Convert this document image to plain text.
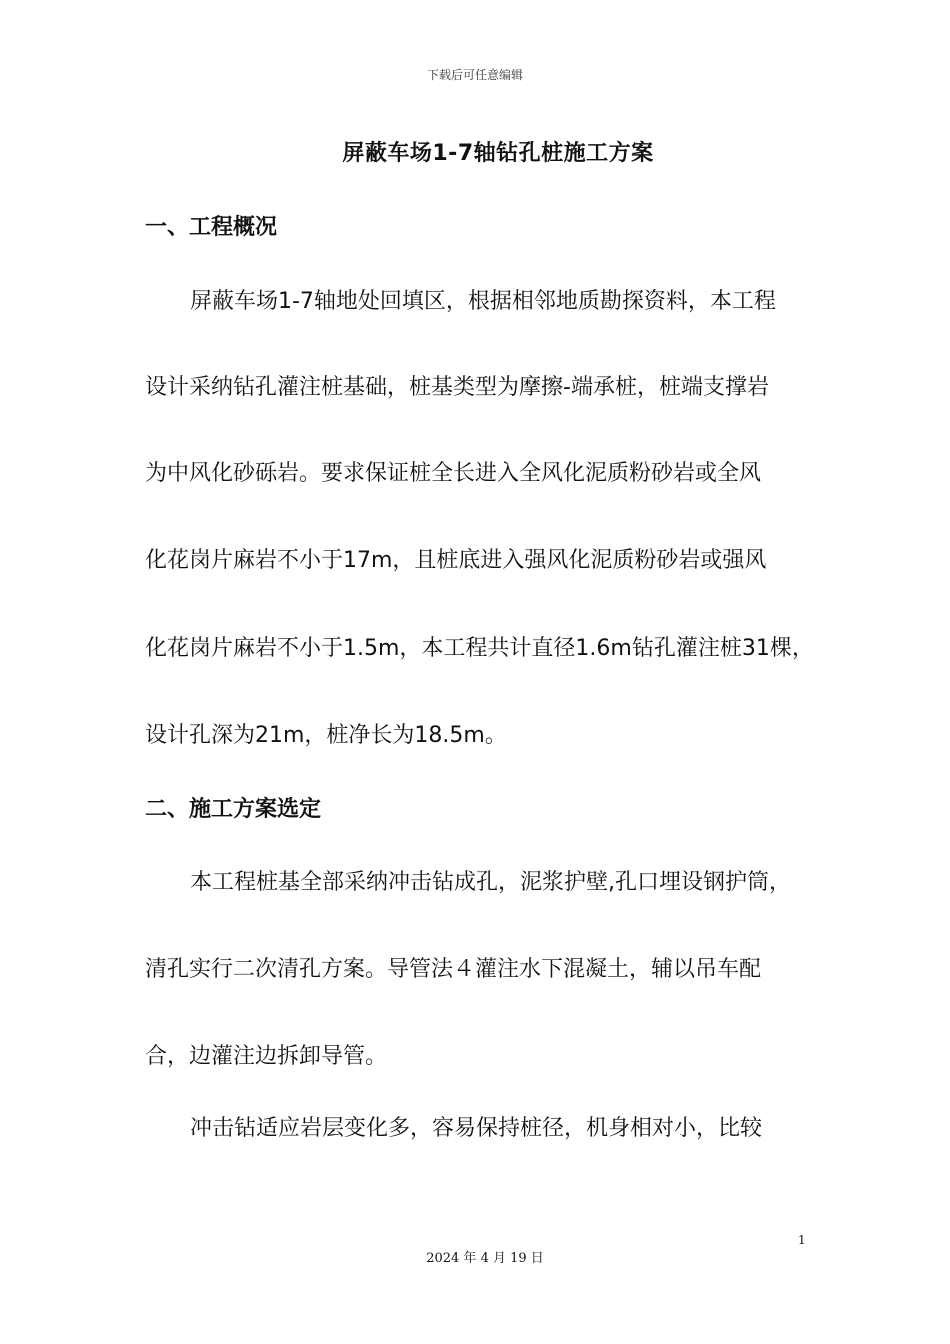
下载后可任意编辑
屏蔽车场1-7轴钻孔桩施工方案
一、工程概况
屏蔽车场1-7轴地处回填区，根据相邻地质勘探资料，本工程
设计采纳钻孔灌注桩基础，桩基类型为摩擦-端承桩，桩端支撑岩
为中风化砂砾岩。要求保证桩全长进入全风化泥质粉砂岩或全风
化花岗片麻岩不小于17m，且桩底进入强风化泥质粉砂岩或强风
化花岗片麻岩不小于1.5m，本工程共计直径1.6m钻孔灌注桩31棵，
设计孔深为21m，桩净长为18.5m。
二、施工方案选定
本工程桩基全部采纳冲击钻成孔，泥浆护壁,孔口埋设钢护筒，
清孔实行二次清孔方案。导管法４灌注水下混凝土，辅以吊车配
合，边灌注边拆卸导管。
冲击钻适应岩层变化多，容易保持桩径，机身相对小，比较
1
2024 年 4 月 19 日
